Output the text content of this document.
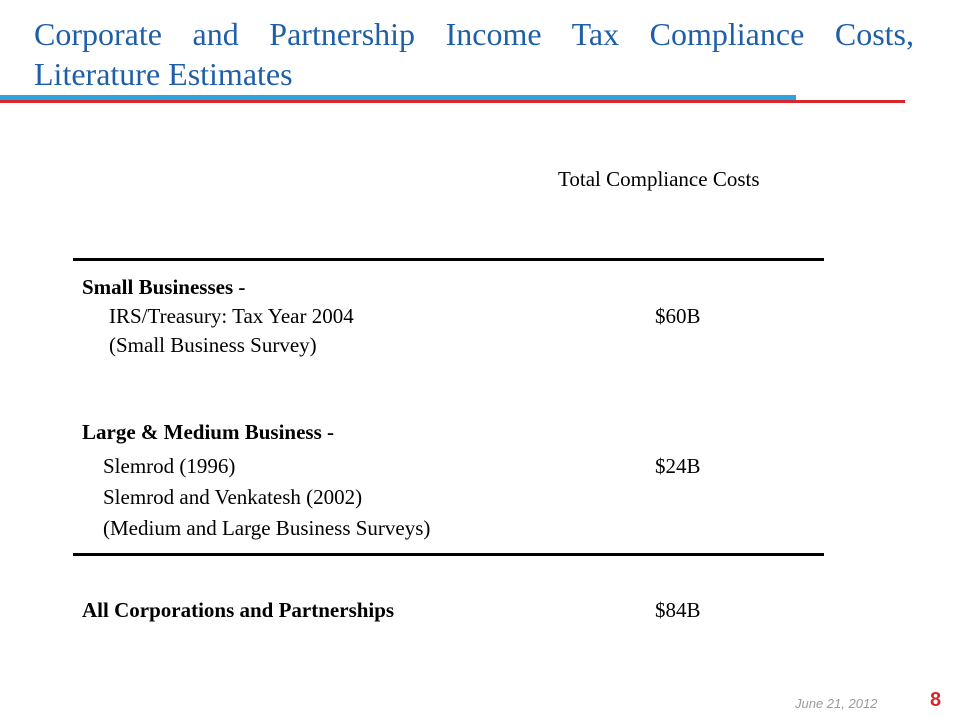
Corporate and Partnership Income Tax Compliance Costs,
Literature Estimates
Total Compliance Costs
Small Businesses -
IRS/Treasury: Tax Year 2004
(Small Business Survey)
$60B
Large & Medium Business -
Slemrod (1996)
Slemrod and Venkatesh (2002)
(Medium and Large Business Surveys)
$24B
All Corporations and Partnerships	$84B
June 21, 2012	8
